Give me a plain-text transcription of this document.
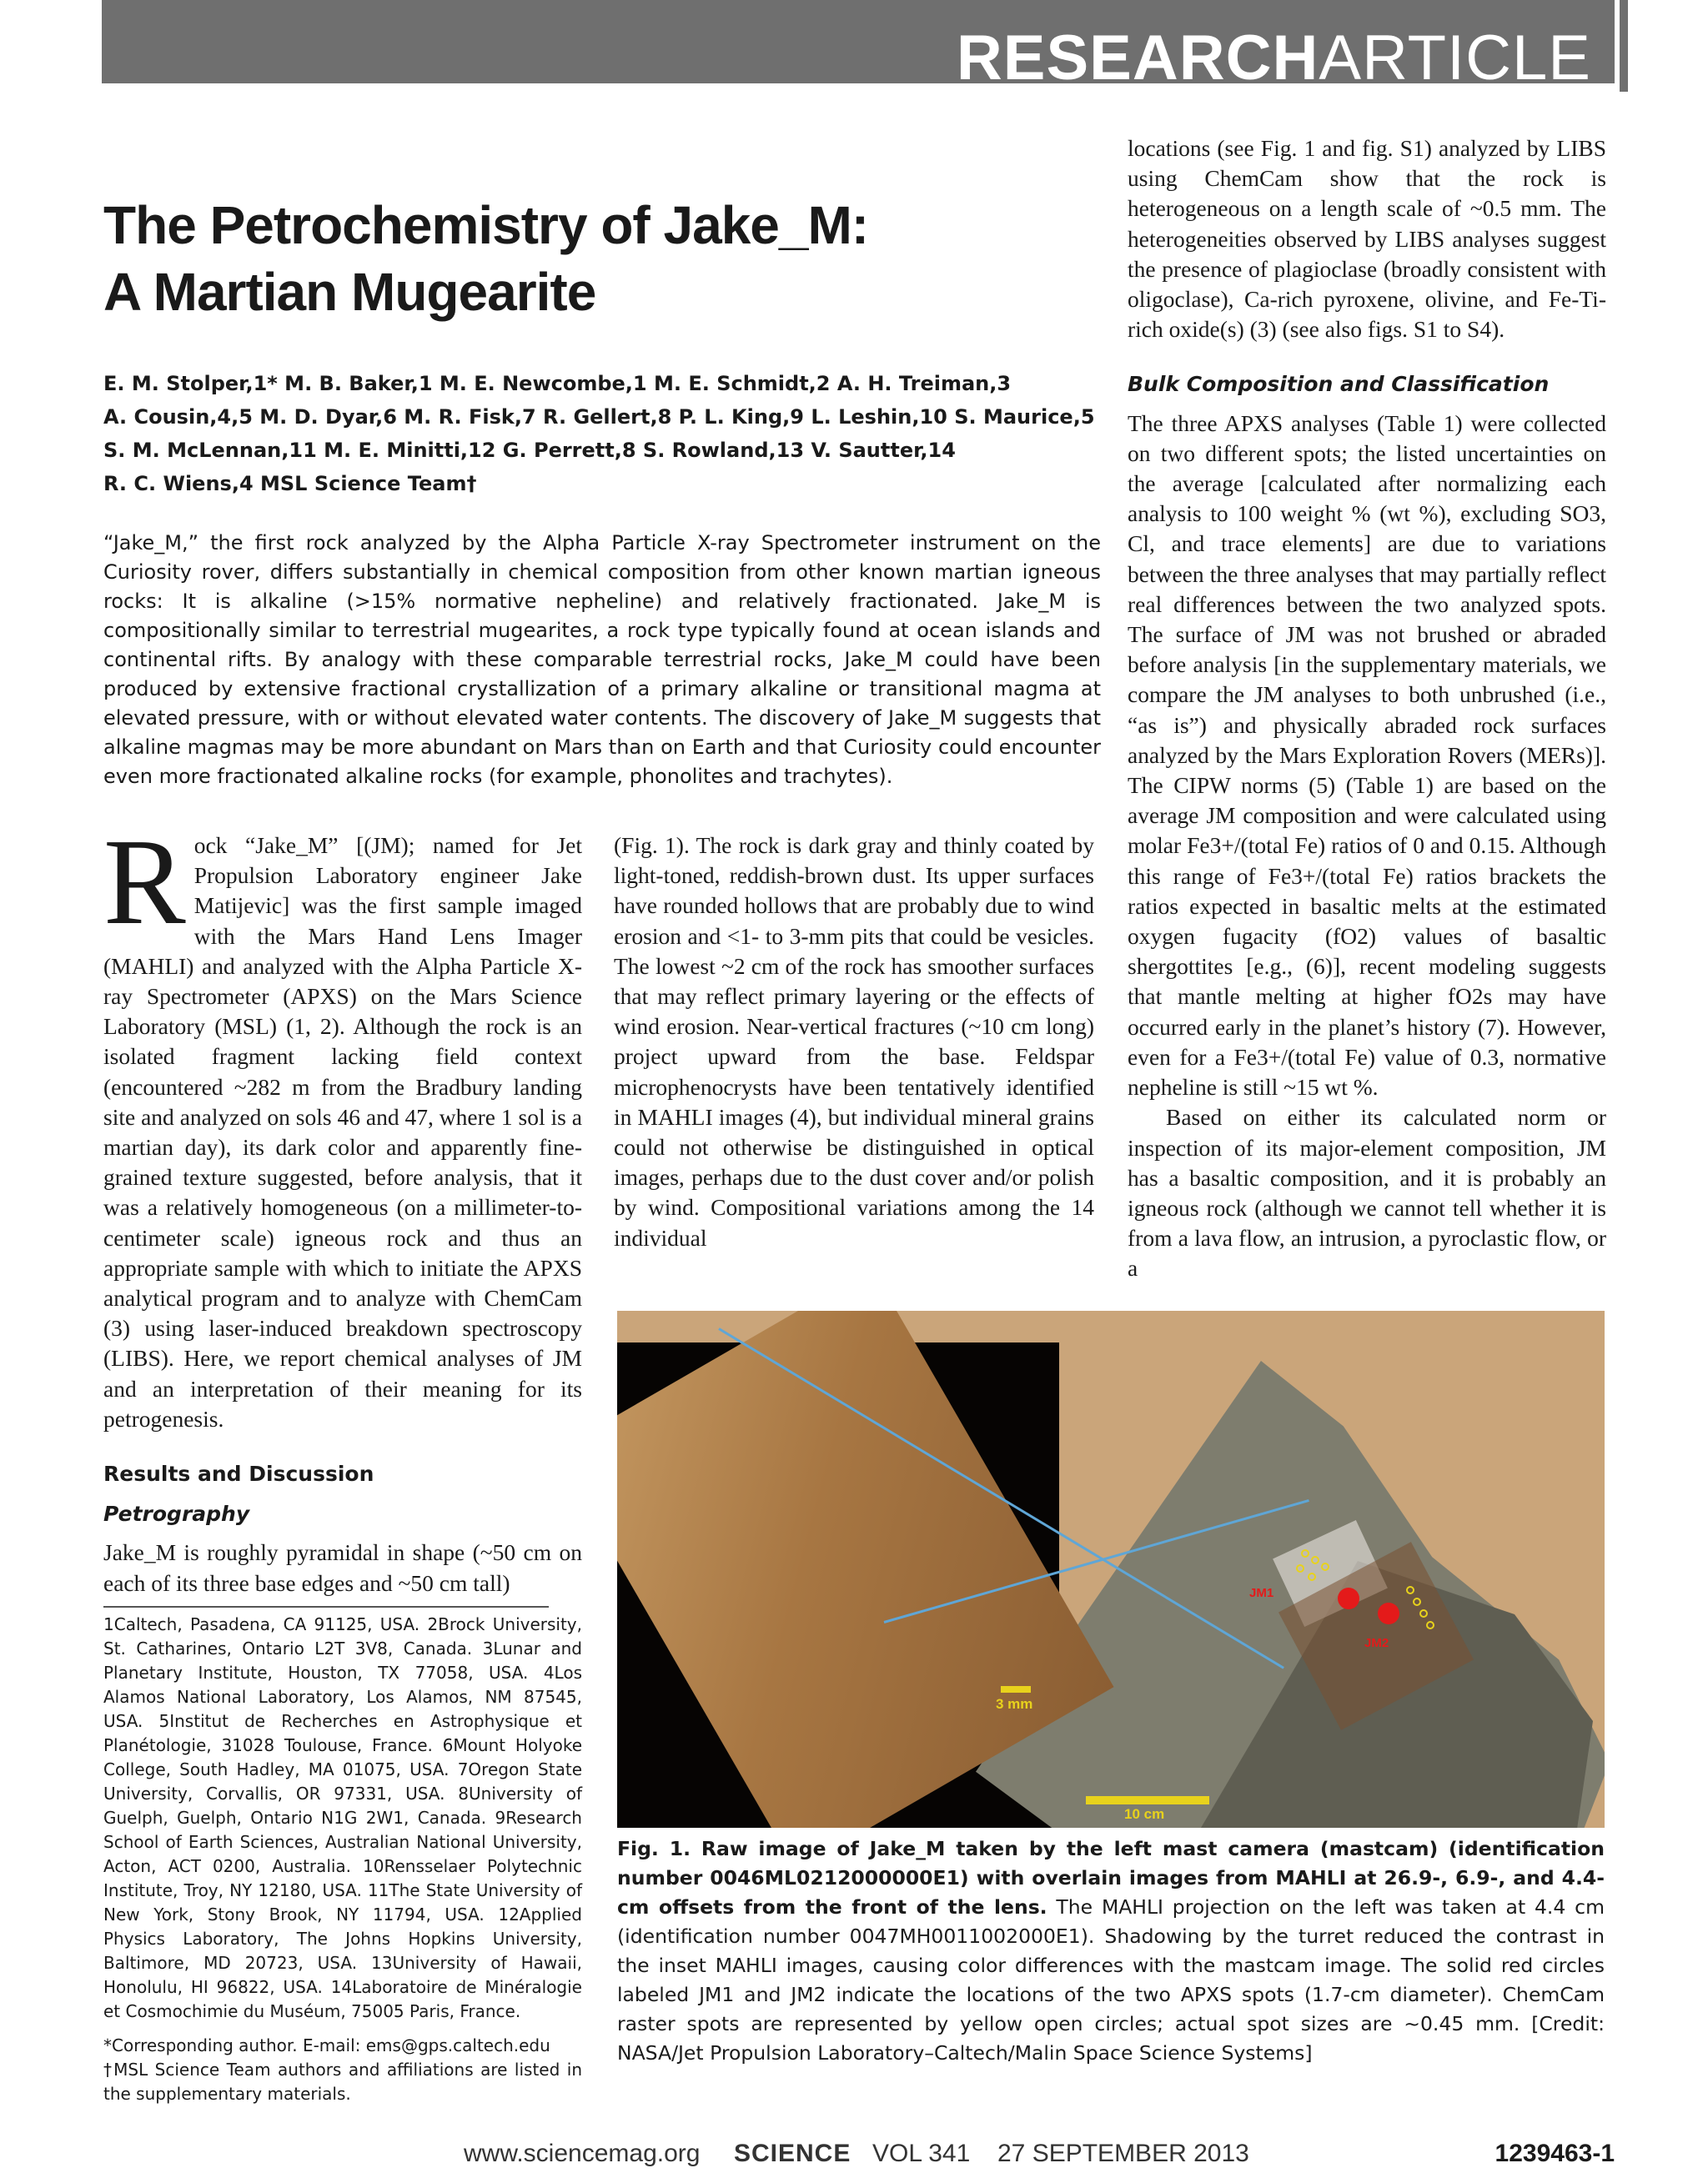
RESEARCHARTICLE
The Petrochemistry of Jake_M:
A Martian Mugearite
E. M. Stolper,1* M. B. Baker,1 M. E. Newcombe,1 M. E. Schmidt,2 A. H. Treiman,3
A. Cousin,4,5 M. D. Dyar,6 M. R. Fisk,7 R. Gellert,8 P. L. King,9 L. Leshin,10 S. Maurice,5
S. M. McLennan,11 M. E. Minitti,12 G. Perrett,8 S. Rowland,13 V. Sautter,14
R. C. Wiens,4 MSL Science Team†
“Jake_M,” the first rock analyzed by the Alpha Particle X-ray Spectrometer instrument on the Curiosity rover, differs substantially in chemical composition from other known martian igneous rocks: It is alkaline (>15% normative nepheline) and relatively fractionated. Jake_M is compositionally similar to terrestrial mugearites, a rock type typically found at ocean islands and continental rifts. By analogy with these comparable terrestrial rocks, Jake_M could have been produced by extensive fractional crystallization of a primary alkaline or transitional magma at elevated pressure, with or without elevated water contents. The discovery of Jake_M suggests that alkaline magmas may be more abundant on Mars than on Earth and that Curiosity could encounter even more fractionated alkaline rocks (for example, phonolites and trachytes).

Rock “Jake_M” [(JM); named for Jet Propulsion Laboratory engineer Jake Matijevic] was the first sample imaged with the Mars Hand Lens Imager (MAHLI) and analyzed with the Alpha Particle X-ray Spectrometer (APXS) on the Mars Science Laboratory (MSL) (1, 2). Although the rock is an isolated fragment lacking field context (encountered ~282 m from the Bradbury landing site and analyzed on sols 46 and 47, where 1 sol is a martian day), its dark color and apparently fine-grained texture suggested, before analysis, that it was a relatively homogeneous (on a millimeter-to-centimeter scale) igneous rock and thus an appropriate sample with which to initiate the APXS analytical program and to analyze with ChemCam (3) using laser-induced breakdown spectroscopy (LIBS). Here, we report chemical analyses of JM and an interpretation of their meaning for its petrogenesis.

Results and Discussion
Petrography

Jake_M is roughly pyramidal in shape (~50 cm on each of its three base edges and ~50 cm tall)

(Fig. 1). The rock is dark gray and thinly coated by light-toned, reddish-brown dust. Its upper surfaces have rounded hollows that are probably due to wind erosion and <1- to 3-mm pits that could be vesicles. The lowest ~2 cm of the rock has smoother surfaces that may reflect primary layering or the effects of wind erosion. Near-vertical fractures (~10 cm long) project upward from the base. Feldspar microphenocrysts have been tentatively identified in MAHLI images (4), but individual mineral grains could not otherwise be distinguished in optical images, perhaps due to the dust cover and/or polish by wind. Compositional variations among the 14 individual

locations (see Fig. 1 and fig. S1) analyzed by LIBS using ChemCam show that the rock is heterogeneous on a length scale of ~0.5 mm. The heterogeneities observed by LIBS analyses suggest the presence of plagioclase (broadly consistent with oligoclase), Ca-rich pyroxene, olivine, and Fe-Ti-rich oxide(s) (3) (see also figs. S1 to S4).

Bulk Composition and Classification

The three APXS analyses (Table 1) were collected on two different spots; the listed uncertainties on the average [calculated after normalizing each analysis to 100 weight % (wt %), excluding SO3, Cl, and trace elements] are due to variations between the three analyses that may partially reflect real differences between the two analyzed spots. The surface of JM was not brushed or abraded before analysis [in the supplementary materials, we compare the JM analyses to both unbrushed (i.e., “as is”) and physically abraded rock surfaces analyzed by the Mars Exploration Rovers (MERs)]. The CIPW norms (5) (Table 1) are based on the average JM composition and were calculated using molar Fe3+/(total Fe) ratios of 0 and 0.15. Although this range of Fe3+/(total Fe) ratios brackets the ratios expected in basaltic melts at the estimated oxygen fugacity (fO2) values of basaltic shergottites [e.g., (6)], recent modeling suggests that mantle melting at higher fO2s may have occurred early in the planet’s history (7). However, even for a Fe3+/(total Fe) value of 0.3, normative nepheline is still ~15 wt %.

Based on either its calculated norm or inspection of its major-element composition, JM has a basaltic composition, and it is probably an igneous rock (although we cannot tell whether it is from a lava flow, an intrusion, a pyroclastic flow, or a

1Caltech, Pasadena, CA 91125, USA. 2Brock University, St. Catharines, Ontario L2T 3V8, Canada. 3Lunar and Planetary Institute, Houston, TX 77058, USA. 4Los Alamos National Laboratory, Los Alamos, NM 87545, USA. 5Institut de Recherches en Astrophysique et Planétologie, 31028 Toulouse, France. 6Mount Holyoke College, South Hadley, MA 01075, USA. 7Oregon State University, Corvallis, OR 97331, USA. 8University of Guelph, Guelph, Ontario N1G 2W1, Canada. 9Research School of Earth Sciences, Australian National University, Acton, ACT 0200, Australia. 10Rensselaer Polytechnic Institute, Troy, NY 12180, USA. 11The State University of New York, Stony Brook, NY 11794, USA. 12Applied Physics Laboratory, The Johns Hopkins University, Baltimore, MD 20723, USA. 13University of Hawaii, Honolulu, HI 96822, USA. 14Laboratoire de Minéralogie et Cosmochimie du Muséum, 75005 Paris, France.

*Corresponding author. E-mail: ems@gps.caltech.edu

†MSL Science Team authors and affiliations are listed in the supplementary materials.

JM1
JM2
3 mm
10 cm
Fig. 1. Raw image of Jake_M taken by the left mast camera (mastcam) (identification number 0046ML0212000000E1) with overlain images from MAHLI at 26.9-, 6.9-, and 4.4-cm offsets from the front of the lens. The MAHLI projection on the left was taken at 4.4 cm (identification number 0047MH0011002000E1). Shadowing by the turret reduced the contrast in the inset MAHLI images, causing color differences with the mastcam image. The solid red circles labeled JM1 and JM2 indicate the locations of the two APXS spots (1.7-cm diameter). ChemCam raster spots are represented by yellow open circles; actual spot sizes are ~0.45 mm. [Credit: NASA/Jet Propulsion Laboratory–Caltech/Malin Space Science Systems]
www.sciencemag.org SCIENCE VOL 341 27 SEPTEMBER 2013	1239463-1
